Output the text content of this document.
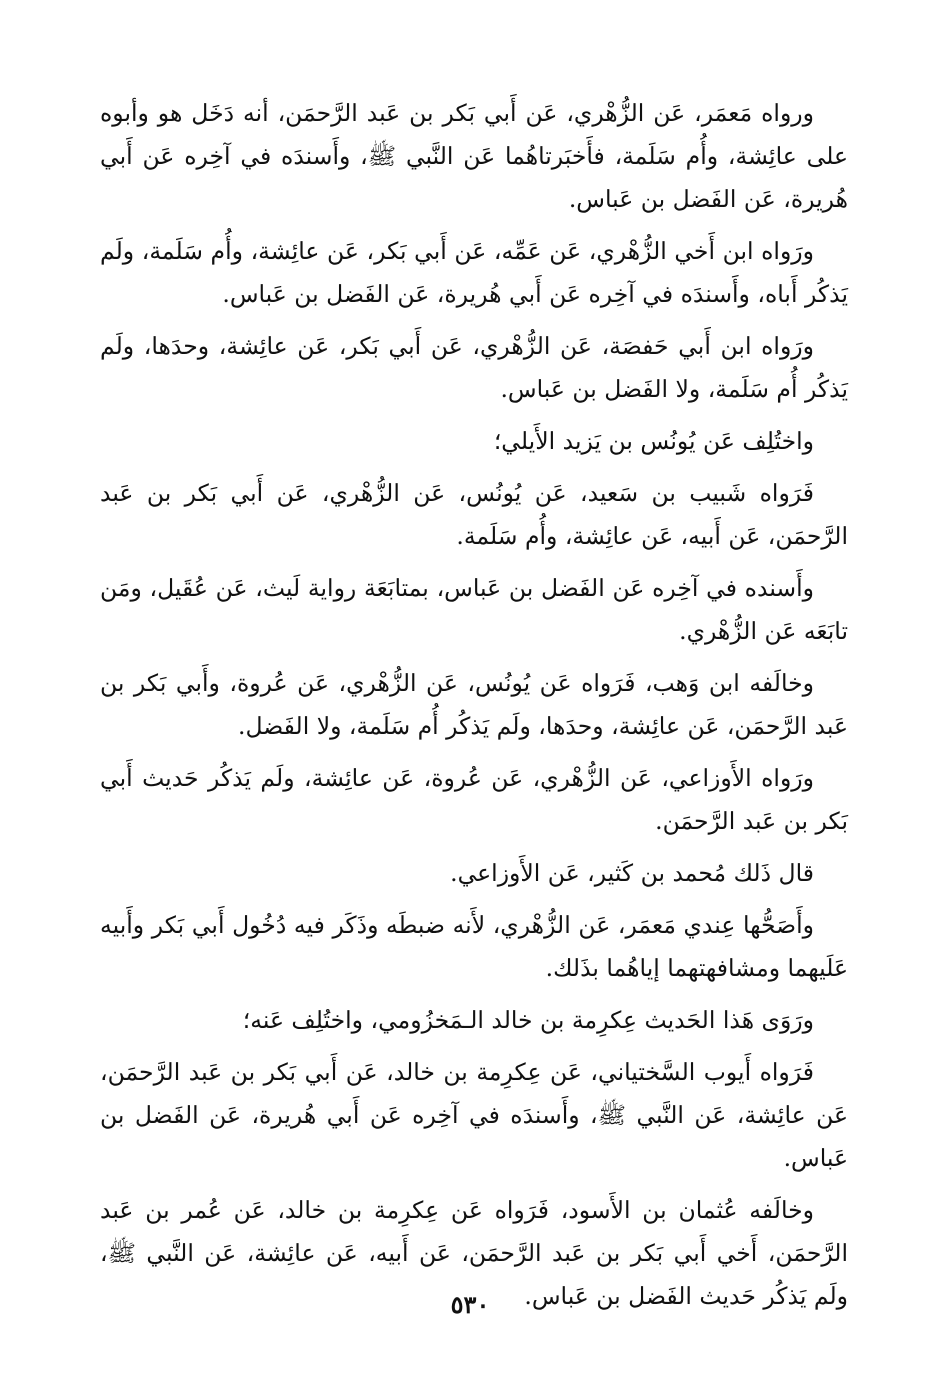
ورواه مَعمَر، عَن الزُّهْري، عَن أَبي بَكر بن عَبد الرَّحمَن، أنه دَخَل هو وأبوه على عائِشة، وأُم سَلَمة، فأَخبَرتاهُما عَن النَّبي ﷺ، وأَسندَه في آخِره عَن أَبي هُريرة، عَن الفَضل بن عَباس.

ورَواه ابن أَخي الزُّهْري، عَن عَمِّه، عَن أَبي بَكر، عَن عائِشة، وأُم سَلَمة، ولَم يَذكُر أَباه، وأَسندَه في آخِره عَن أَبي هُريرة، عَن الفَضل بن عَباس.

ورَواه ابن أَبي حَفصَة، عَن الزُّهْري، عَن أَبي بَكر، عَن عائِشة، وحدَها، ولَم يَذكُر أُم سَلَمة، ولا الفَضل بن عَباس.

واختُلِف عَن يُونُس بن يَزيد الأَيلي؛

فَرَواه شَبيب بن سَعيد، عَن يُونُس، عَن الزُّهْري، عَن أَبي بَكر بن عَبد الرَّحمَن، عَن أَبيه، عَن عائِشة، وأُم سَلَمة.

وأَسنده في آخِره عَن الفَضل بن عَباس، بمتابَعَة رواية لَيث، عَن عُقَيل، ومَن تابَعَه عَن الزُّهْري.

وخالَفه ابن وَهب، فَرَواه عَن يُونُس، عَن الزُّهْري، عَن عُروة، وأَبي بَكر بن عَبد الرَّحمَن، عَن عائِشة، وحدَها، ولَم يَذكُر أُم سَلَمة، ولا الفَضل.

ورَواه الأَوزاعي، عَن الزُّهْري، عَن عُروة، عَن عائِشة، ولَم يَذكُر حَديث أَبي بَكر بن عَبد الرَّحمَن.

قال ذَلك مُحمد بن كَثير، عَن الأَوزاعي.

وأَصَحُّها عِندي مَعمَر، عَن الزُّهْري، لأَنه ضبطَه وذَكَر فيه دُخُول أَبي بَكر وأَبيه عَلَيهما ومشافهتهما إياهُما بذَلك.

ورَوَى هَذا الحَديث عِكرِمة بن خالد الـمَخزُومي، واختُلِف عَنه؛

فَرَواه أَيوب السَّختياني، عَن عِكرِمة بن خالد، عَن أَبي بَكر بن عَبد الرَّحمَن، عَن عائِشة، عَن النَّبي ﷺ، وأَسندَه في آخِره عَن أَبي هُريرة، عَن الفَضل بن عَباس.

وخالَفه عُثمان بن الأَسود، فَرَواه عَن عِكرِمة بن خالد، عَن عُمر بن عَبد الرَّحمَن، أَخي أَبي بَكر بن عَبد الرَّحمَن، عَن أَبيه، عَن عائِشة، عَن النَّبي ﷺ، ولَم يَذكُر حَديث الفَضل بن عَباس.

٥٣٠
